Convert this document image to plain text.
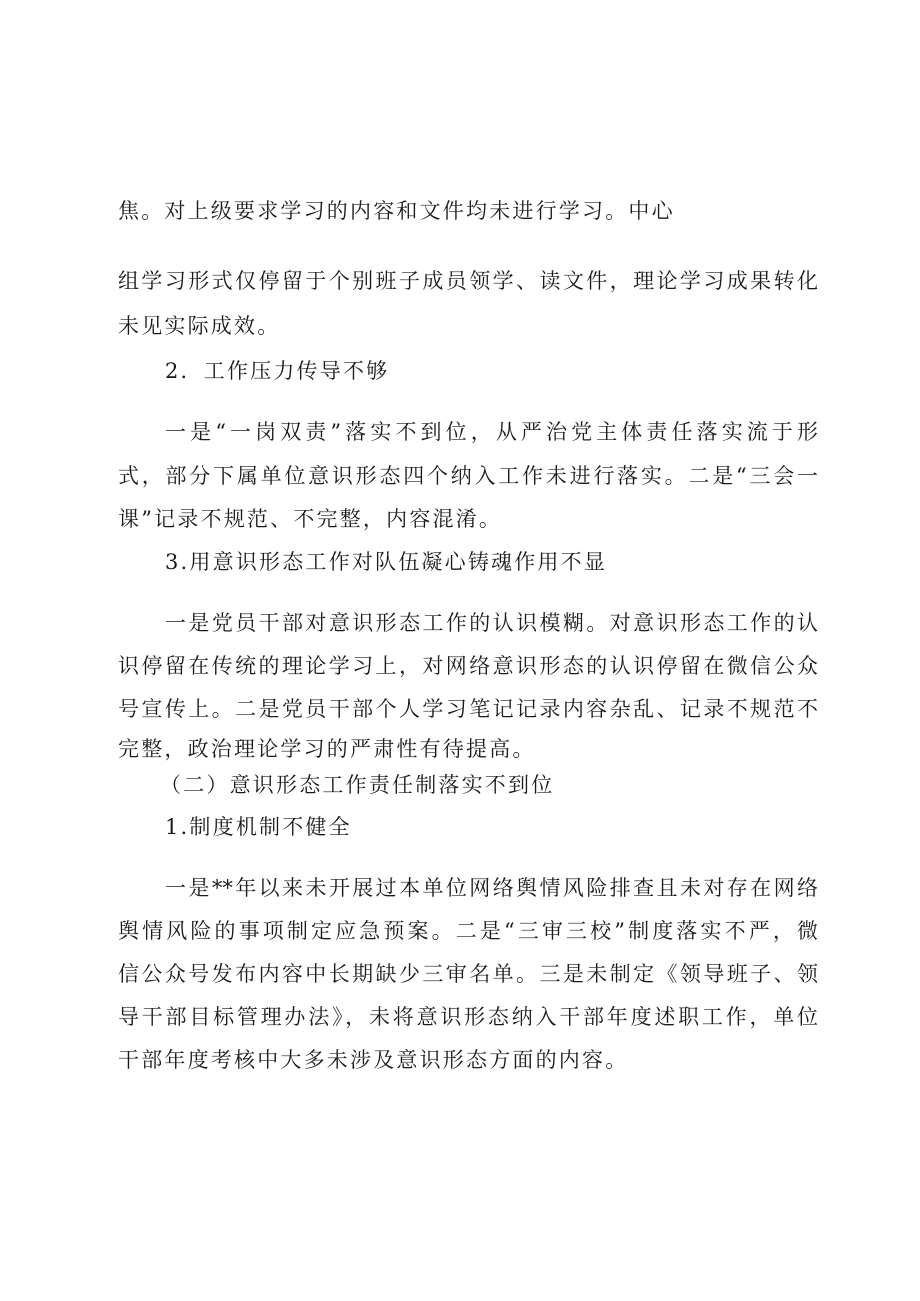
焦。对上级要求学习的内容和文件均未进行学习。中心
组学习形式仅停留于个别班子成员领学、读文件，理论学习成果转化
未见实际成效。
2．工作压力传导不够
一是“一岗双责”落实不到位，从严治党主体责任落实流于形
式，部分下属单位意识形态四个纳入工作未进行落实。二是“三会一
课”记录不规范、不完整，内容混淆。
3.用意识形态工作对队伍凝心铸魂作用不显
一是党员干部对意识形态工作的认识模糊。对意识形态工作的认
识停留在传统的理论学习上，对网络意识形态的认识停留在微信公众
号宣传上。二是党员干部个人学习笔记记录内容杂乱、记录不规范不
完整，政治理论学习的严肃性有待提高。
（二）意识形态工作责任制落实不到位
1.制度机制不健全
一是**年以来未开展过本单位网络舆情风险排查且未对存在网络
舆情风险的事项制定应急预案。二是“三审三校”制度落实不严，微
信公众号发布内容中长期缺少三审名单。三是未制定《领导班子、领
导干部目标管理办法》，未将意识形态纳入干部年度述职工作，单位
干部年度考核中大多未涉及意识形态方面的内容。
